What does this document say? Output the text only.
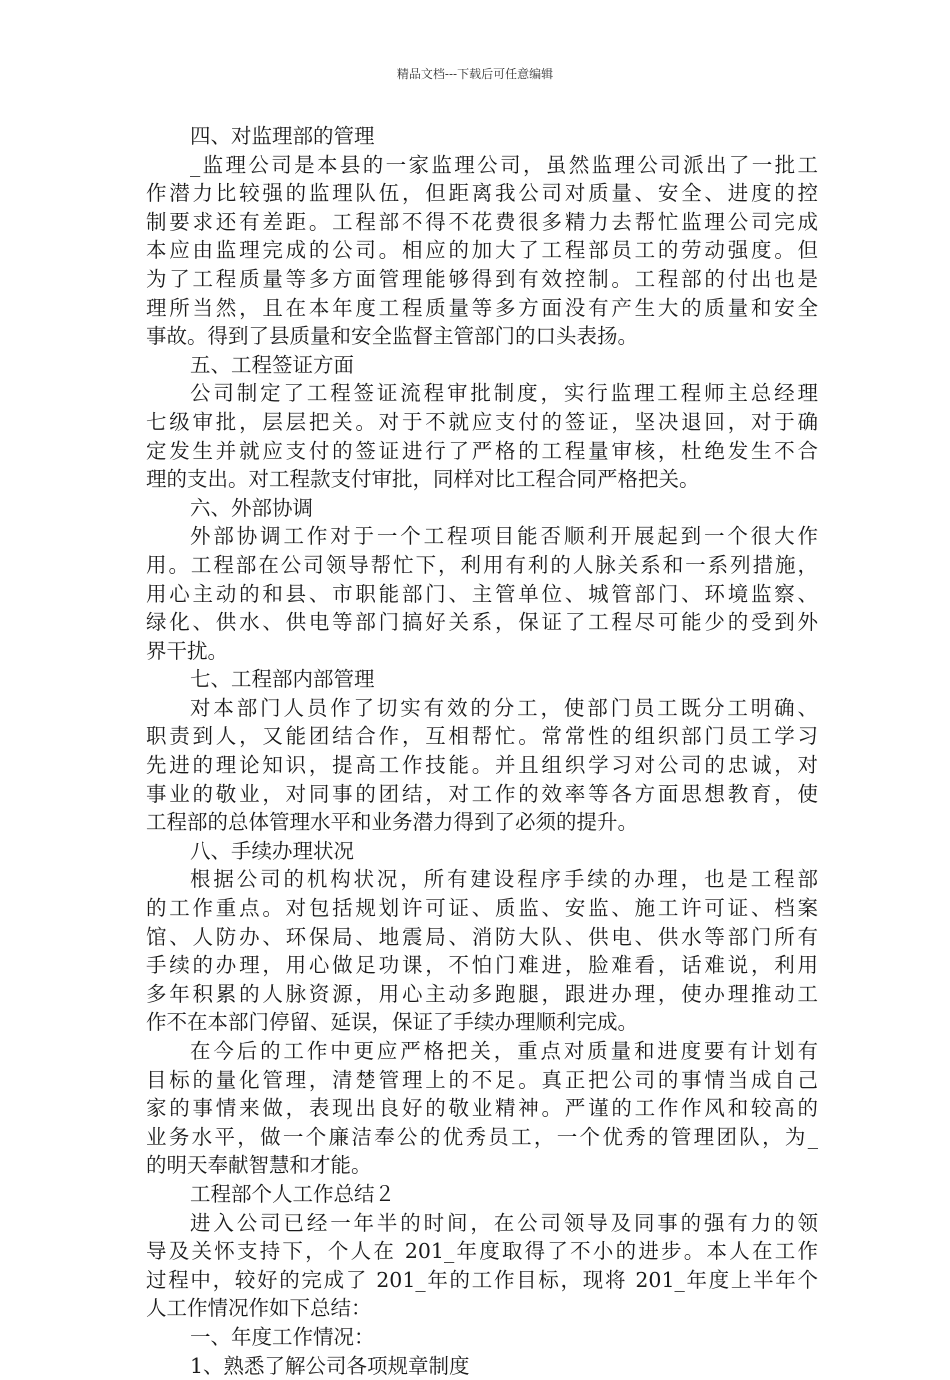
精品文档---下载后可任意编辑
四、对监理部的管理
_监理公司是本县的一家监理公司，虽然监理公司派出了一批工
作潜力比较强的监理队伍，但距离我公司对质量、安全、进度的控
制要求还有差距。工程部不得不花费很多精力去帮忙监理公司完成
本应由监理完成的公司。相应的加大了工程部员工的劳动强度。但
为了工程质量等多方面管理能够得到有效控制。工程部的付出也是
理所当然，且在本年度工程质量等多方面没有产生大的质量和安全
事故。得到了县质量和安全监督主管部门的口头表扬。
五、工程签证方面
公司制定了工程签证流程审批制度，实行监理工程师主总经理
七级审批，层层把关。对于不就应支付的签证，坚决退回，对于确
定发生并就应支付的签证进行了严格的工程量审核，杜绝发生不合
理的支出。对工程款支付审批，同样对比工程合同严格把关。
六、外部协调
外部协调工作对于一个工程项目能否顺利开展起到一个很大作
用。工程部在公司领导帮忙下，利用有利的人脉关系和一系列措施，
用心主动的和县、市职能部门、主管单位、城管部门、环境监察、
绿化、供水、供电等部门搞好关系，保证了工程尽可能少的受到外
界干扰。
七、工程部内部管理
对本部门人员作了切实有效的分工，使部门员工既分工明确、
职责到人，又能团结合作，互相帮忙。常常性的组织部门员工学习
先进的理论知识，提高工作技能。并且组织学习对公司的忠诚，对
事业的敬业，对同事的团结，对工作的效率等各方面思想教育，使
工程部的总体管理水平和业务潜力得到了必须的提升。
八、手续办理状况
根据公司的机构状况，所有建设程序手续的办理，也是工程部
的工作重点。对包括规划许可证、质监、安监、施工许可证、档案
馆、人防办、环保局、地震局、消防大队、供电、供水等部门所有
手续的办理，用心做足功课，不怕门难进，脸难看，话难说，利用
多年积累的人脉资源，用心主动多跑腿，跟进办理，使办理推动工
作不在本部门停留、延误，保证了手续办理顺利完成。
在今后的工作中更应严格把关，重点对质量和进度要有计划有
目标的量化管理，清楚管理上的不足。真正把公司的事情当成自己
家的事情来做，表现出良好的敬业精神。严谨的工作作风和较高的
业务水平，做一个廉洁奉公的优秀员工，一个优秀的管理团队，为_
的明天奉献智慧和才能。
工程部个人工作总结２
进入公司已经一年半的时间，在公司领导及同事的强有力的领
导及关怀支持下，个人在 201_年度取得了不小的进步。本人在工作
过程中，较好的完成了 201_年的工作目标，现将 201_年度上半年个
人工作情况作如下总结：
一、年度工作情况：
1、熟悉了解公司各项规章制度
